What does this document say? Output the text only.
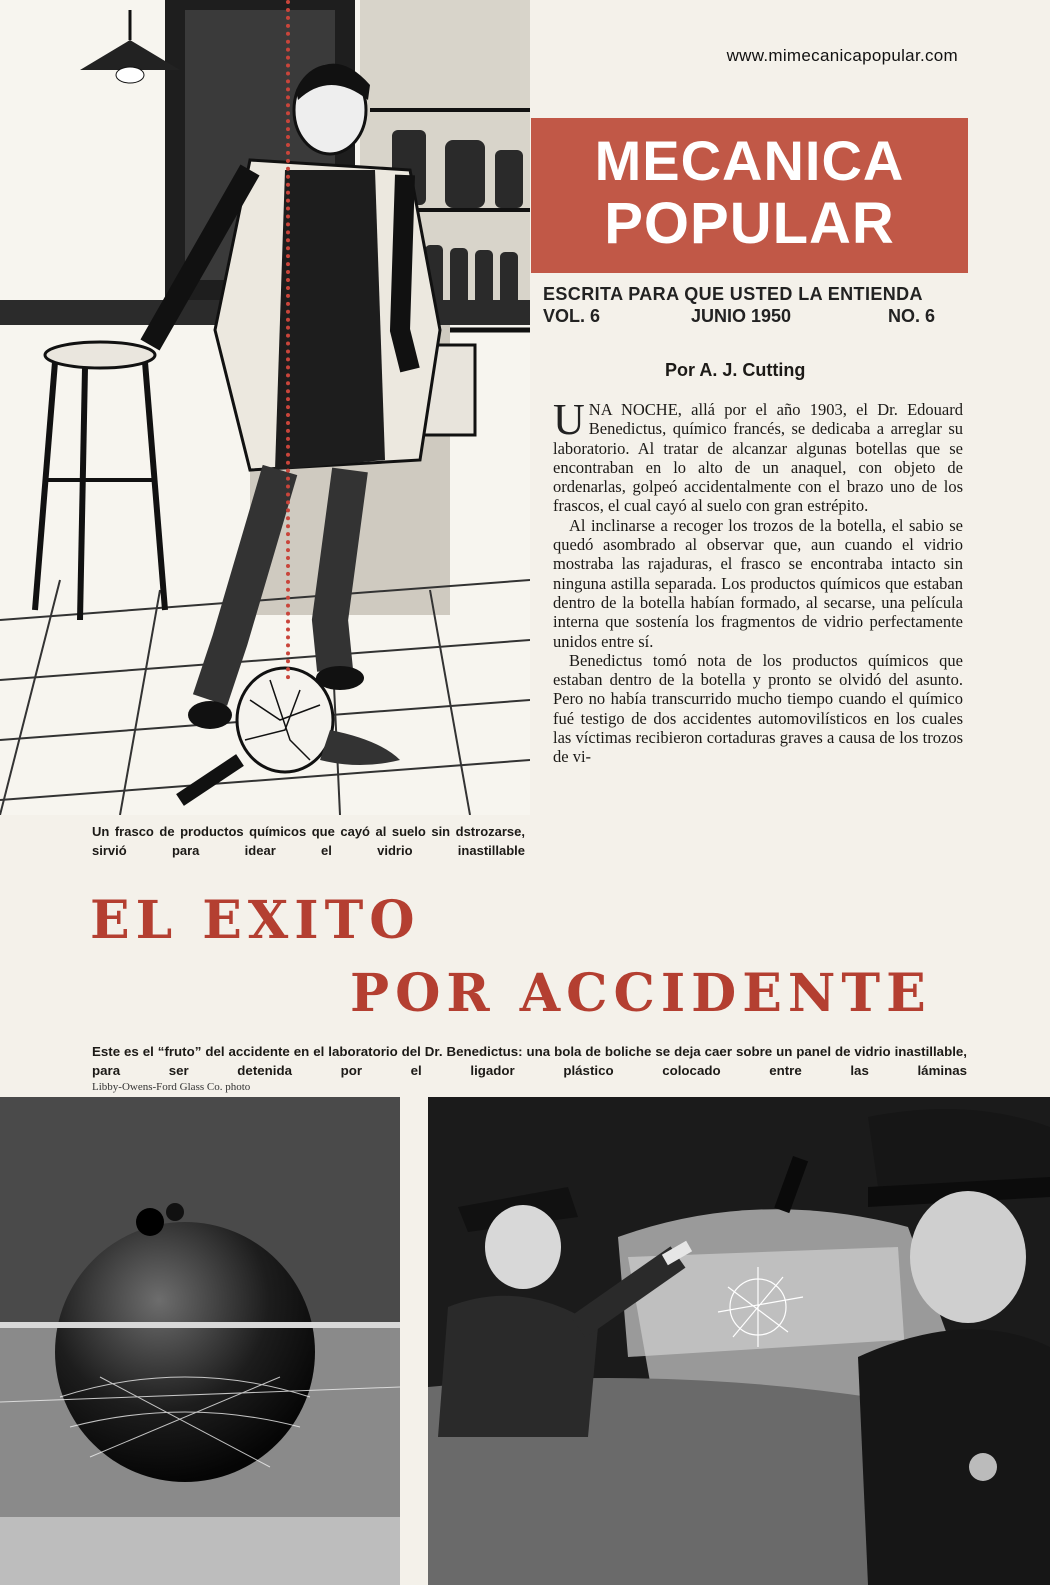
www.mimecanicapopular.com
MECANICA
POPULAR
ESCRITA PARA QUE USTED LA ENTIENDA
VOL. 6	JUNIO 1950	NO. 6
Por A. J. Cutting

UNA NOCHE, allá por el año 1903, el Dr. Edouard Benedictus, químico francés, se dedicaba a arreglar su laboratorio. Al tratar de alcanzar algunas botellas que se encontraban en lo alto de un anaquel, con objeto de ordenarlas, golpeó accidentalmente con el brazo uno de los frascos, el cual cayó al suelo con gran estrépito.

Al inclinarse a recoger los trozos de la botella, el sabio se quedó asombrado al observar que, aun cuando el vidrio mostraba las rajaduras, el frasco se encontraba intacto sin ninguna astilla separada. Los productos químicos que estaban dentro de la botella habían formado, al secarse, una película interna que sostenía los fragmentos de vidrio perfectamente unidos entre sí.

Benedictus tomó nota de los productos químicos que estaban dentro de la botella y pronto se olvidó del asunto. Pero no había transcurrido mucho tiempo cuando el químico fué testigo de dos accidentes automovilísticos en los cuales las víctimas recibieron cortaduras graves a causa de los trozos de vi-

Un frasco de productos químicos que cayó al suelo sin dstrozarse, sirvió para idear el vidrio inastillable
EL EXITO
POR ACCIDENTE
Este es el “fruto” del accidente en el laboratorio del Dr. Benedictus: una bola de boliche se deja caer sobre un panel de vidrio inastillable, para ser detenida por el ligador plástico colocado entre las láminas
Libby-Owens-Ford Glass Co. photo
